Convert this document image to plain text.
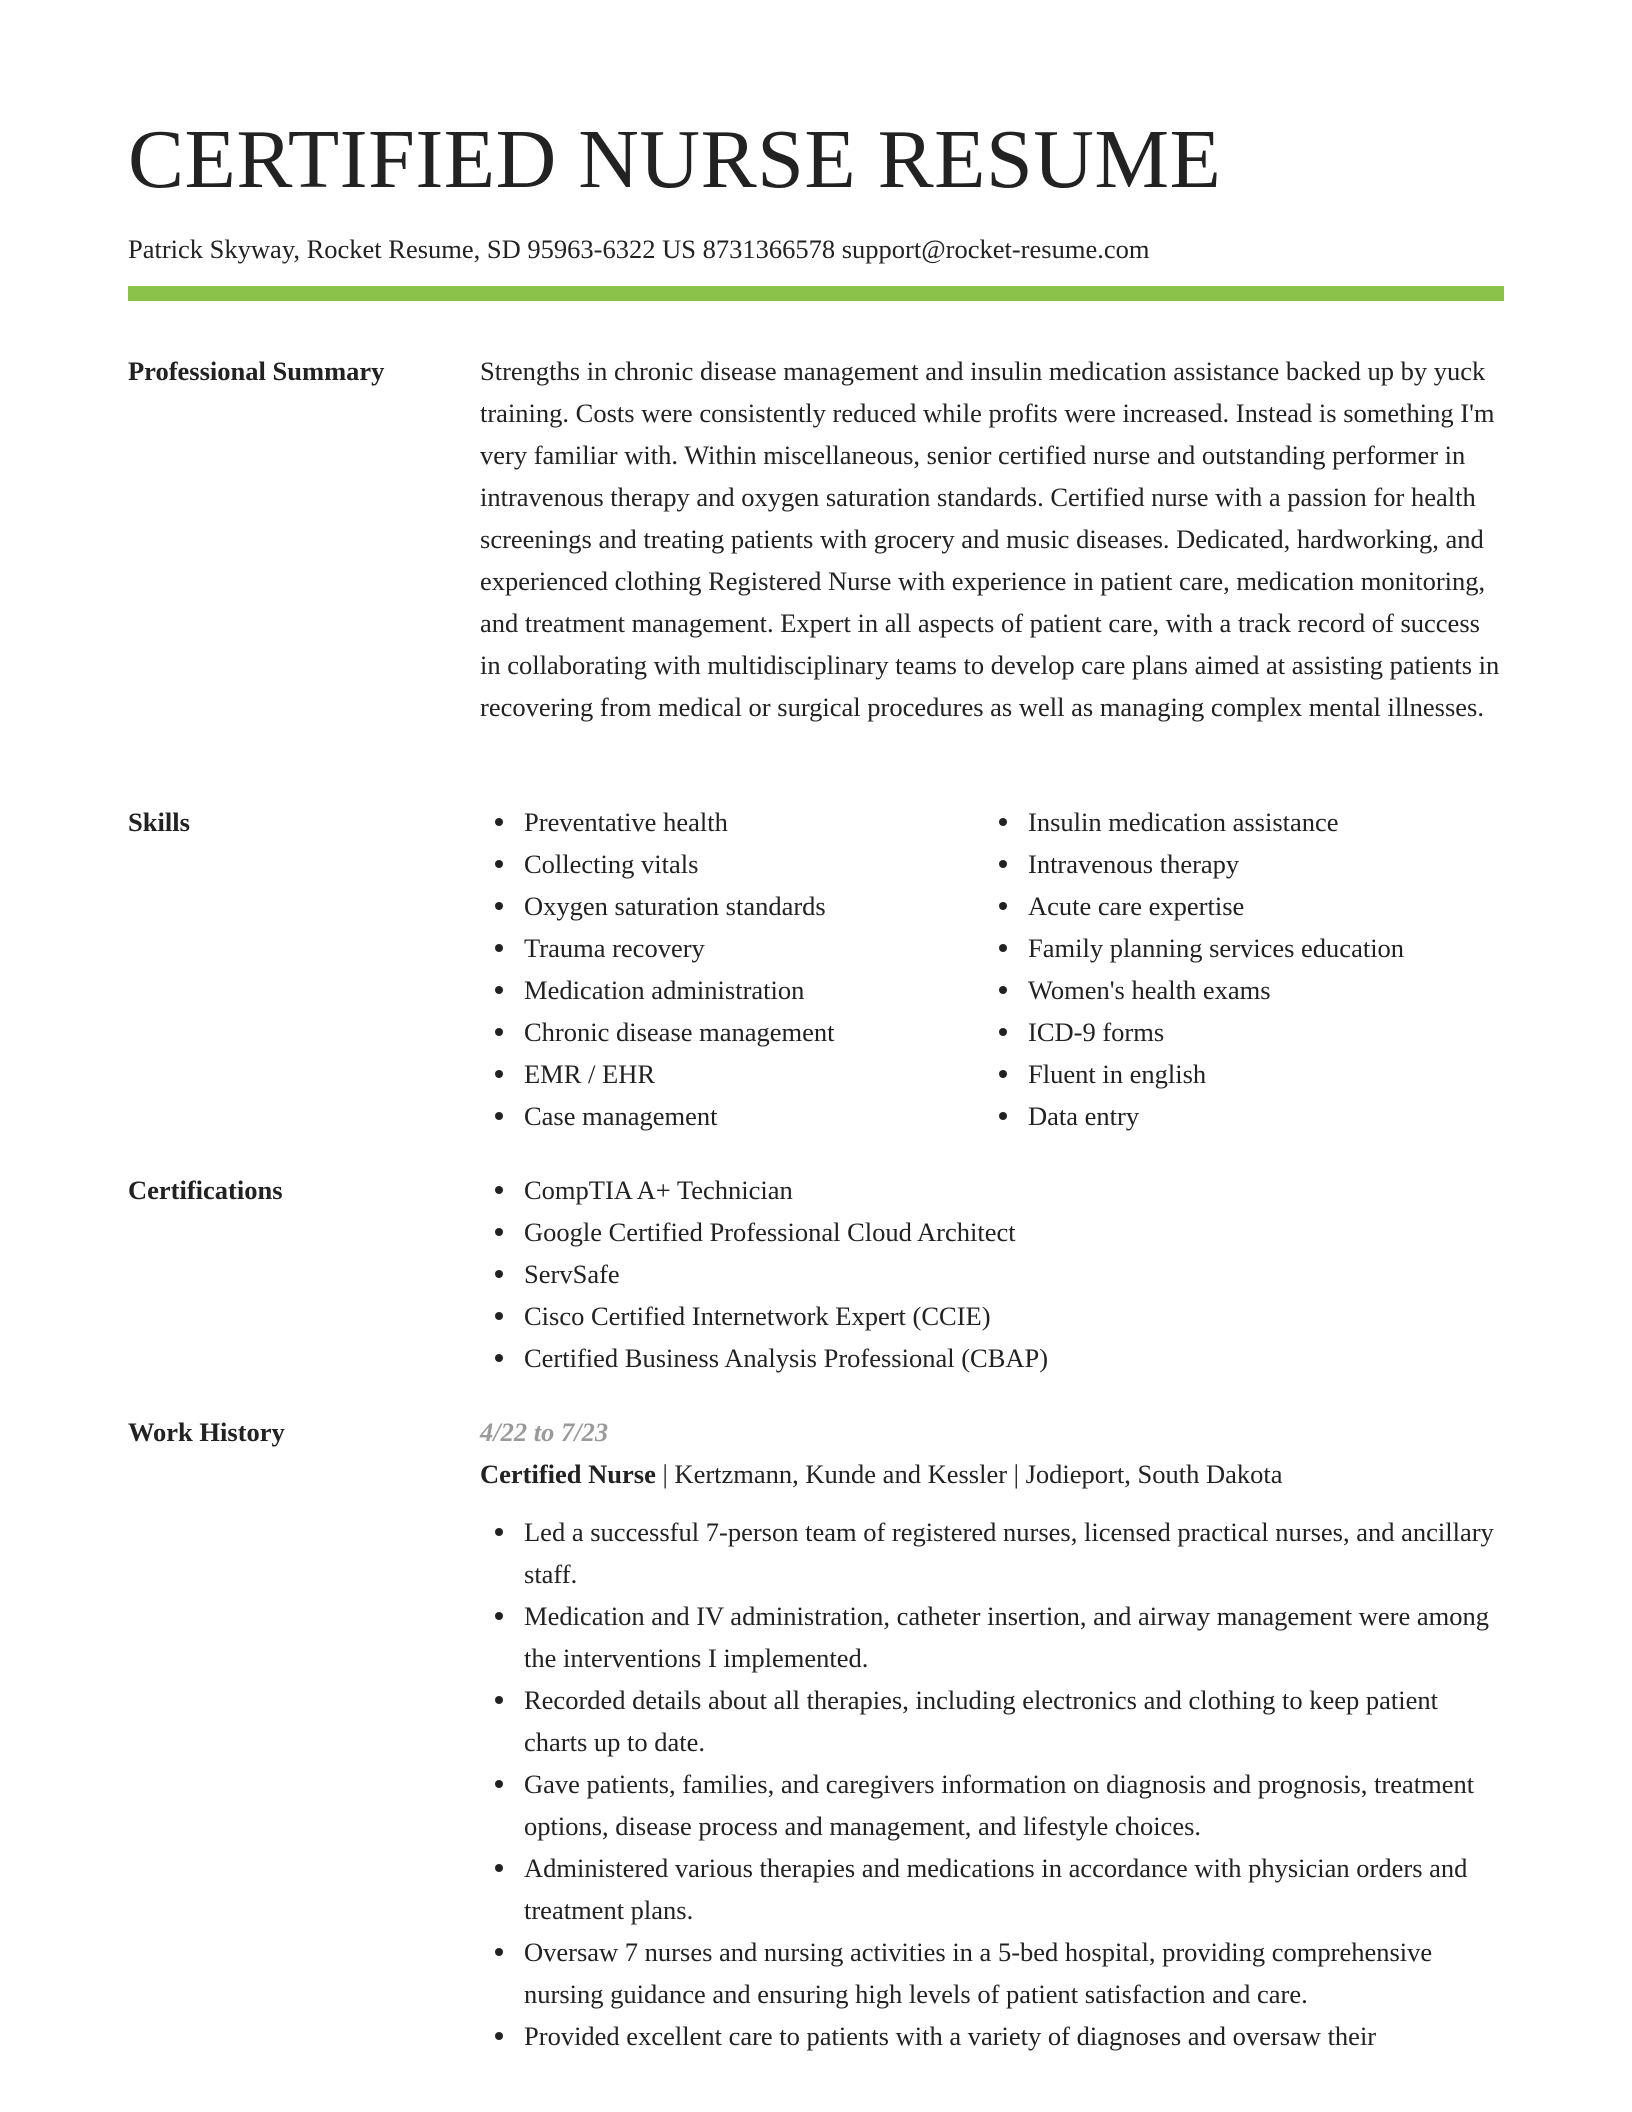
CERTIFIED NURSE RESUME
Patrick Skyway, Rocket Resume, SD 95963-6322 US 8731366578 support@rocket-resume.com
Professional Summary	Strengths in chronic disease management and insulin medication assistance backed up by yuck training. Costs were consistently reduced while profits were increased. Instead is something I'm very familiar with. Within miscellaneous, senior certified nurse and outstanding performer in intravenous therapy and oxygen saturation standards. Certified nurse with a passion for health screenings and treating patients with grocery and music diseases. Dedicated, hardworking, and experienced clothing Registered Nurse with experience in patient care, medication monitoring, and treatment management. Expert in all aspects of patient care, with a track record of success in collaborating with multidisciplinary teams to develop care plans aimed at assisting patients in recovering from medical or surgical procedures as well as managing complex mental illnesses.

Skills	Preventative health
Collecting vitals
Oxygen saturation standards
Trauma recovery
Medication administration
Chronic disease management
EMR / EHR
Case management
Insulin medication assistance
Intravenous therapy
Acute care expertise
Family planning services education
Women's health exams
ICD-9 forms
Fluent in english
Data entry
Certifications	CompTIA A+ Technician
Google Certified Professional Cloud Architect
ServSafe
Cisco Certified Internetwork Expert (CCIE)
Certified Business Analysis Professional (CBAP)
Work History	4/22 to 7/23
Certified Nurse | Kertzmann, Kunde and Kessler | Jodieport, South Dakota
Led a successful 7-person team of registered nurses, licensed practical nurses, and ancillary staff.
Medication and IV administration, catheter insertion, and airway management were among the interventions I implemented.
Recorded details about all therapies, including electronics and clothing to keep patient charts up to date.
Gave patients, families, and caregivers information on diagnosis and prognosis, treatment options, disease process and management, and lifestyle choices.
Administered various therapies and medications in accordance with physician orders and treatment plans.
Oversaw 7 nurses and nursing activities in a 5-bed hospital, providing comprehensive nursing guidance and ensuring high levels of patient satisfaction and care.
Provided excellent care to patients with a variety of diagnoses and oversaw their
